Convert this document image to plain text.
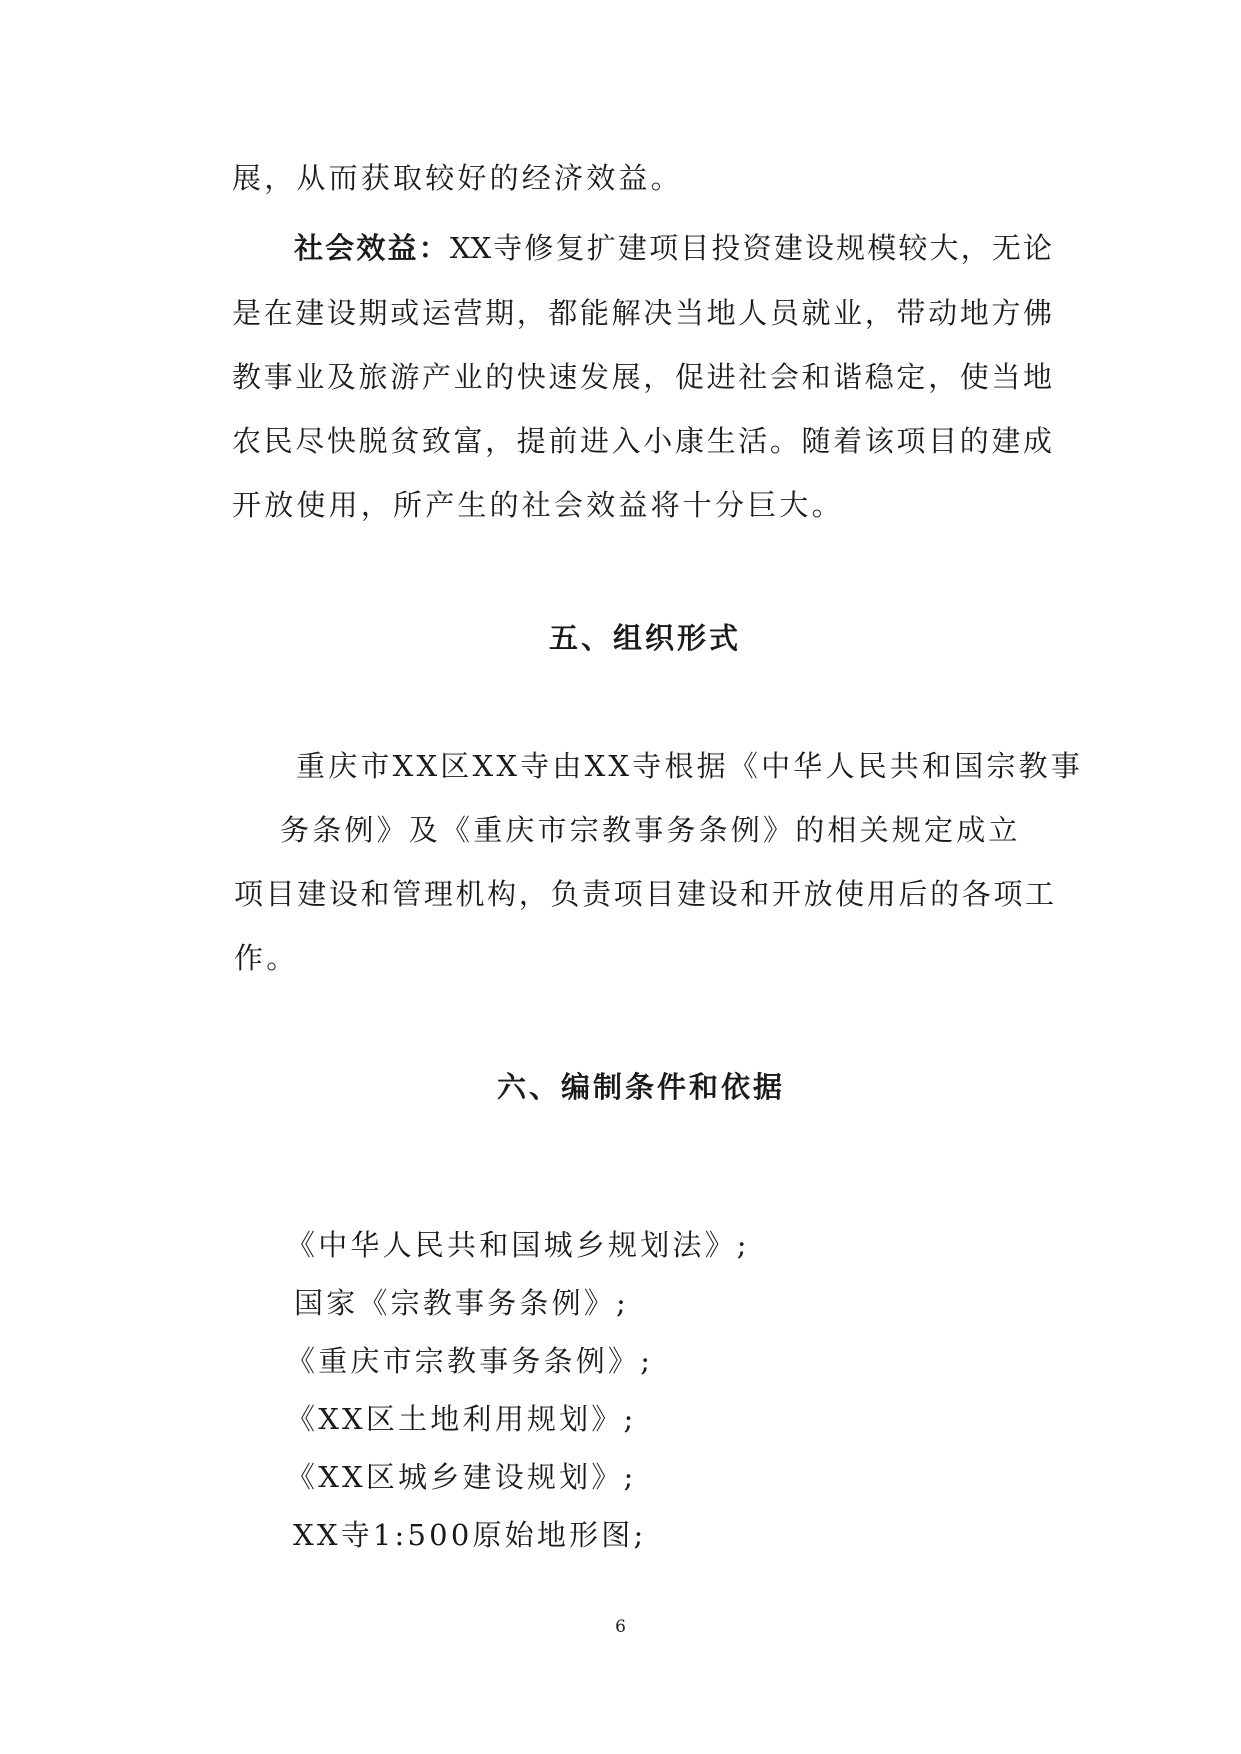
展，从而获取较好的经济效益。
社会效益：XX寺修复扩建项目投资建设规模较大，无论
是在建设期或运营期，都能解决当地人员就业，带动地方佛
教事业及旅游产业的快速发展，促进社会和谐稳定，使当地
农民尽快脱贫致富，提前进入小康生活。随着该项目的建成
开放使用，所产生的社会效益将十分巨大。
五、组织形式
重庆市XX区XX寺由XX寺根据《中华人民共和国宗教事
务条例》及《重庆市宗教事务条例》的相关规定成立
项目建设和管理机构，负责项目建设和开放使用后的各项工
作。
六、编制条件和依据
《中华人民共和国城乡规划法》;
国家《宗教事务条例》;
《重庆市宗教事务条例》;
《XX区土地利用规划》;
《XX区城乡建设规划》;
XX寺1:500原始地形图;
6
